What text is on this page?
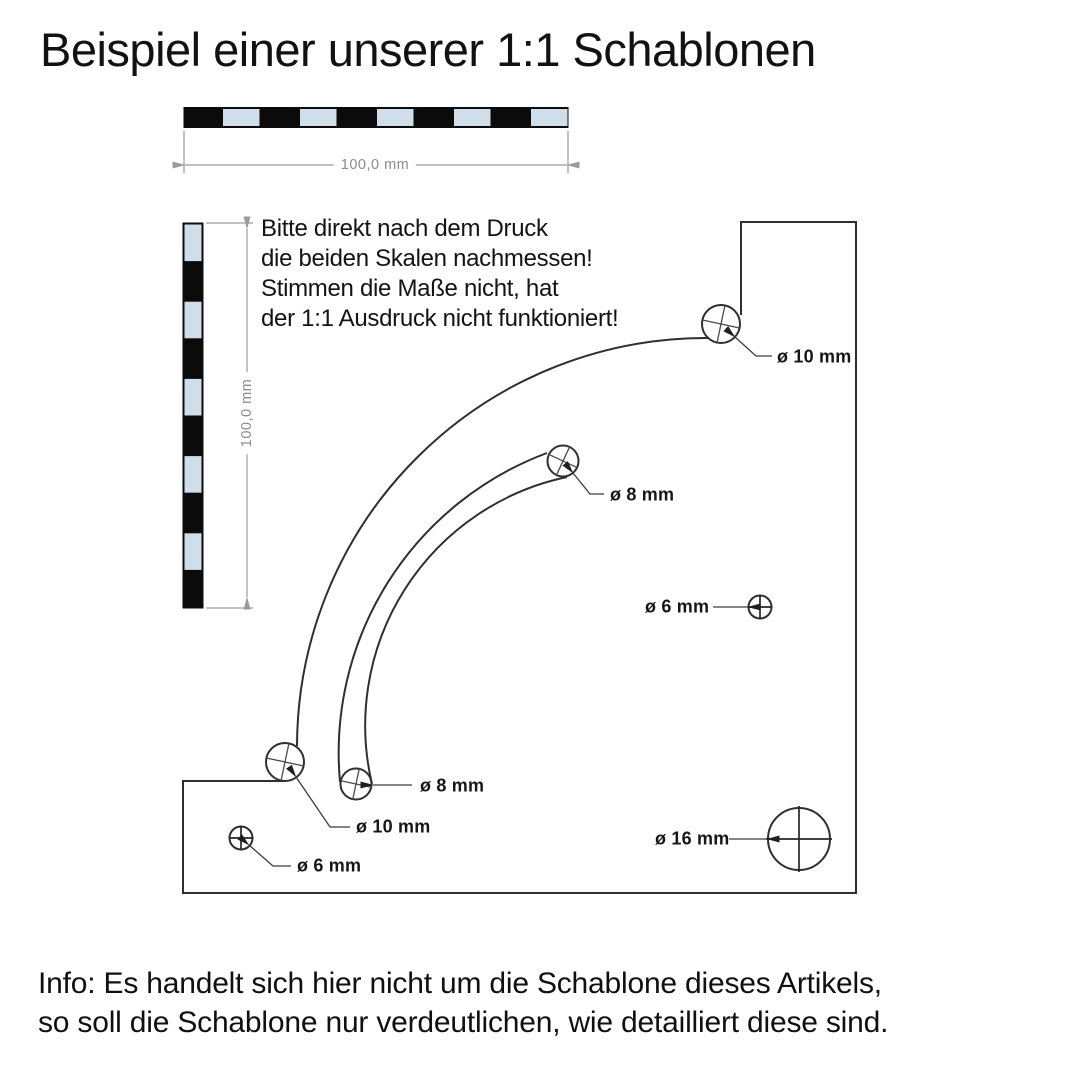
Beispiel einer unserer 1:1 Schablonen
100,0 mm
100,0 mm
Bitte direkt nach dem Druck
die beiden Skalen nachmessen!
Stimmen die Maße nicht, hat
der 1:1 Ausdruck nicht funktioniert!
ø 10 mm
ø 8 mm
ø 6 mm
ø 8 mm
ø 10 mm
ø 6 mm
ø 16 mm
Info: Es handelt sich hier nicht um die Schablone dieses Artikels,
so soll die Schablone nur verdeutlichen, wie detailliert diese sind.
